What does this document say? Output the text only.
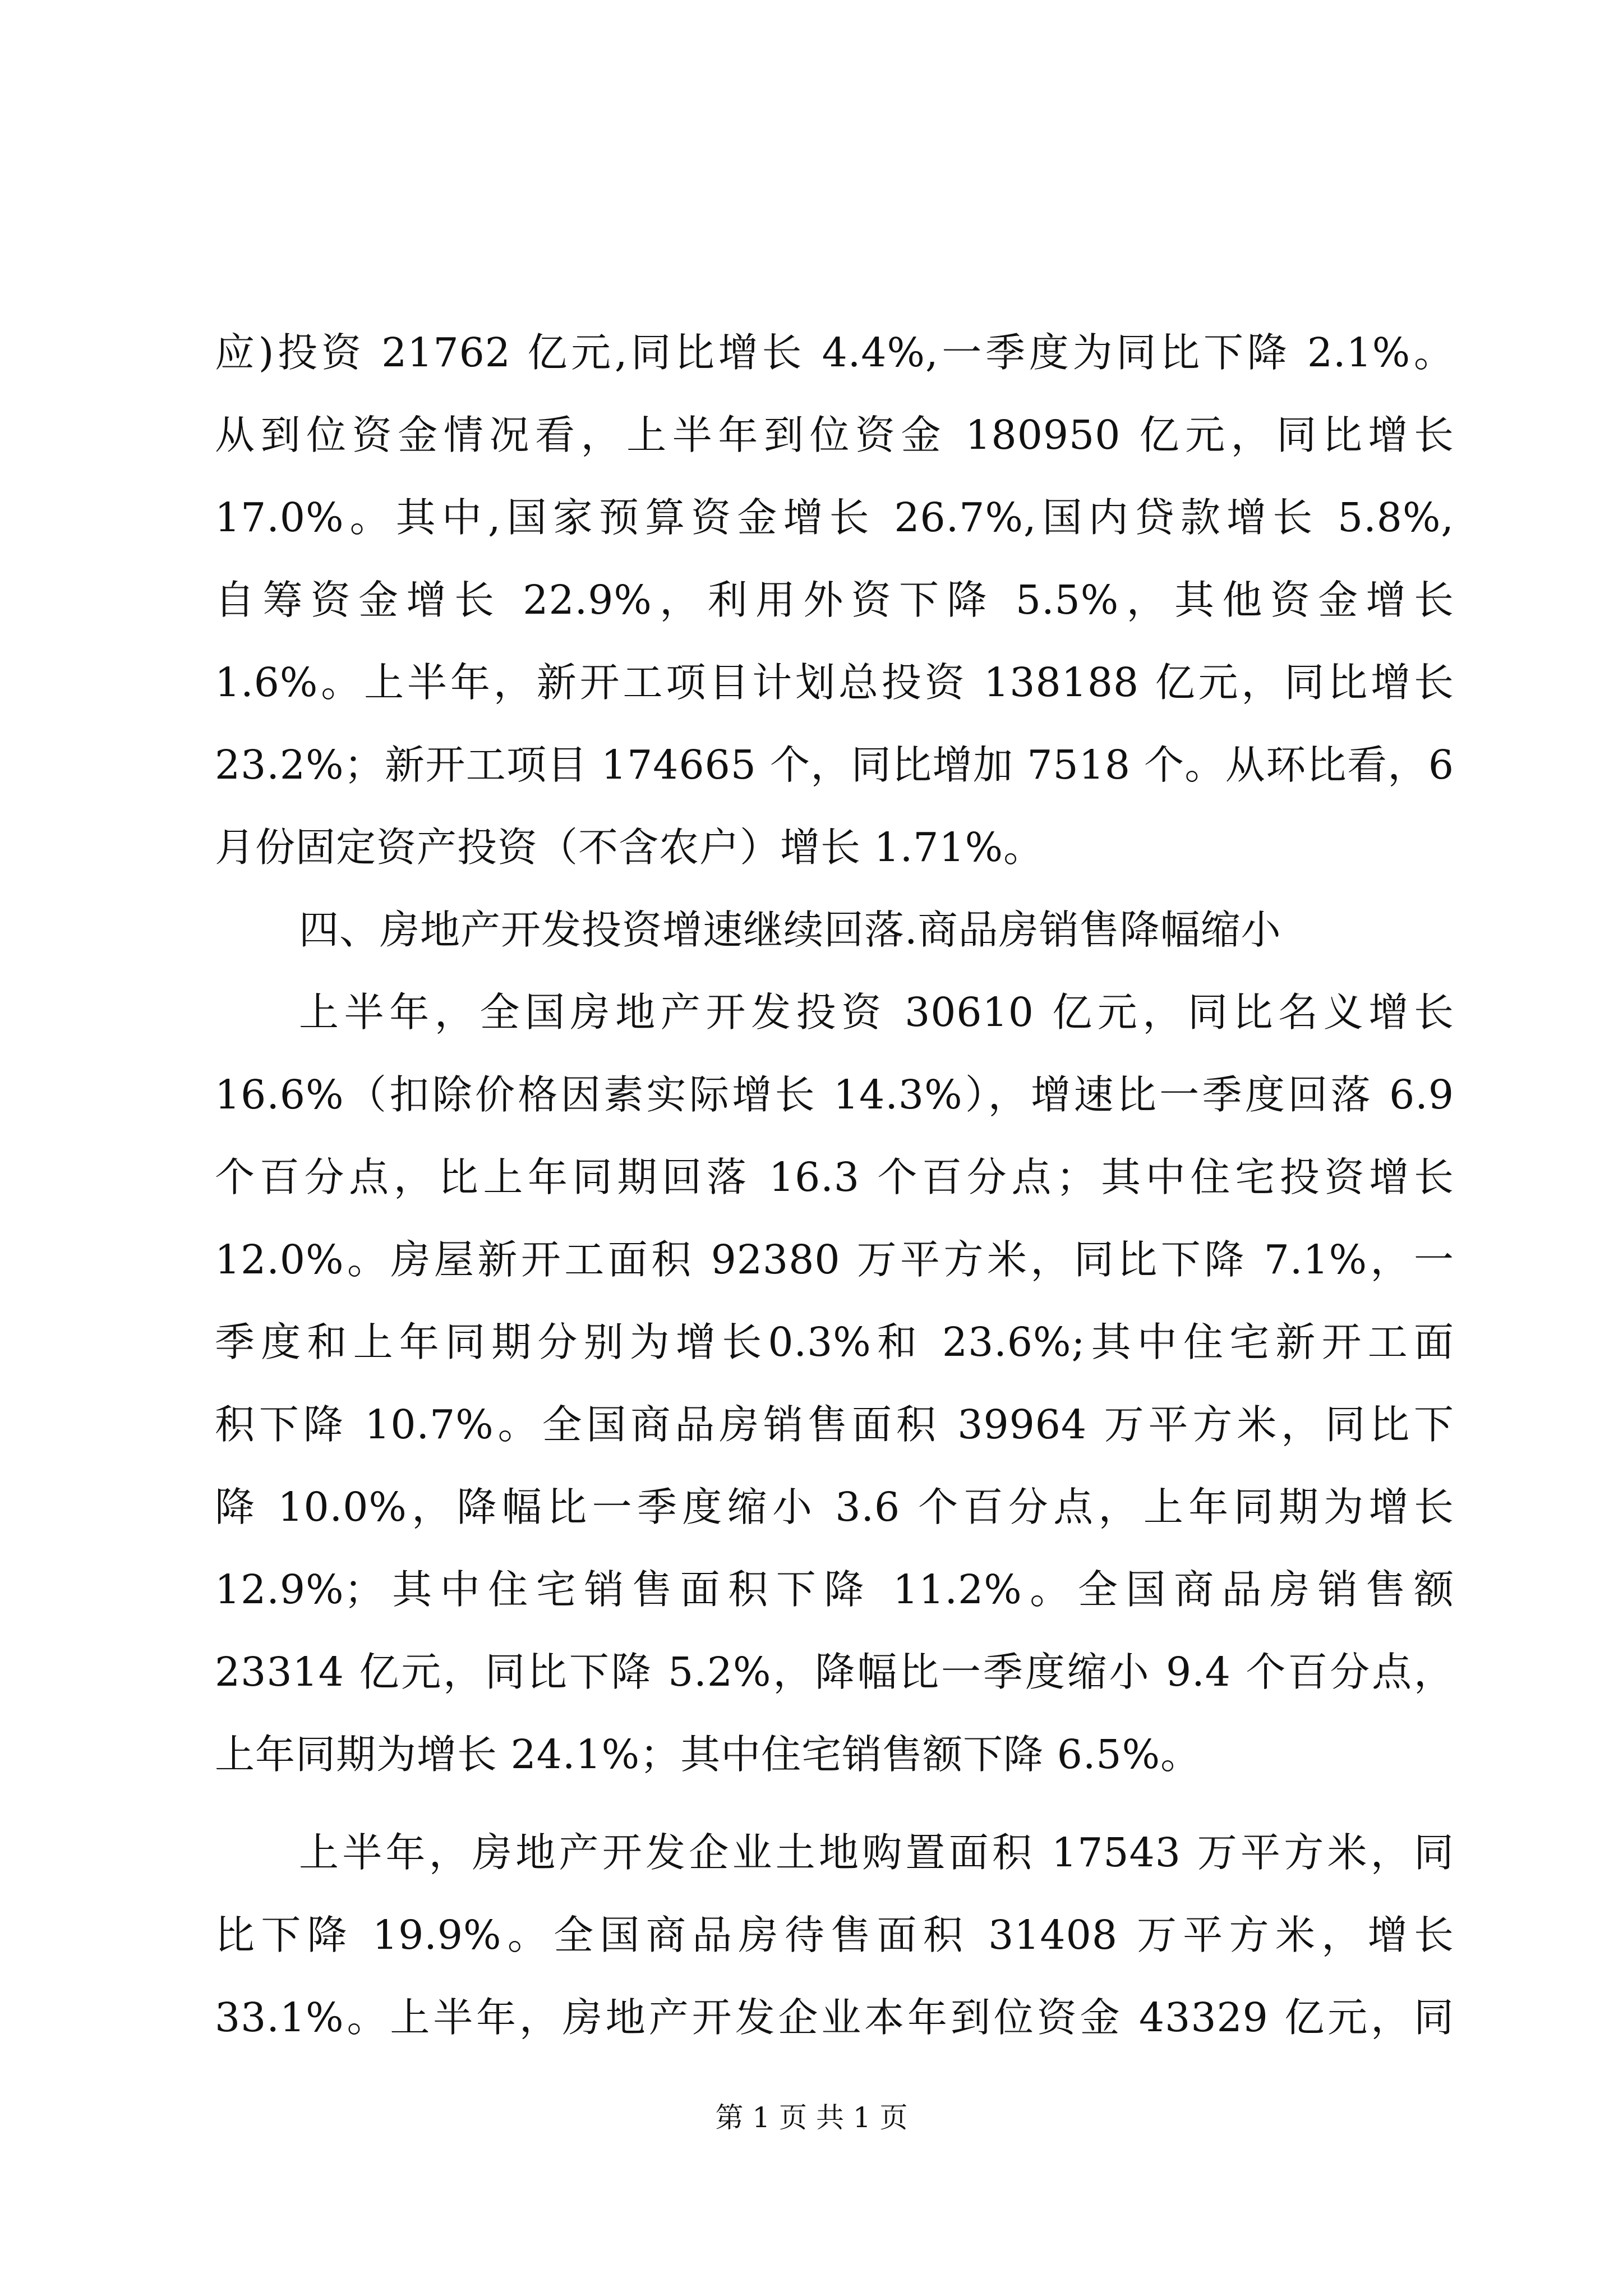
应)投资 21762 亿元,同比增长 4.4%,一季度为同比下降 2.1%。
从到位资金情况看，上半年到位资金 180950 亿元，同比增长
17.0%。其中,国家预算资金增长 26.7%,国内贷款增长 5.8%,
自筹资金增长 22.9%，利用外资下降 5.5%，其他资金增长
1.6%。上半年，新开工项目计划总投资 138188 亿元，同比增长
23.2%；新开工项目 174665 个，同比增加 7518 个。从环比看，6
月份固定资产投资（不含农户）增长 1.71%。
四、房地产开发投资增速继续回落.商品房销售降幅缩小
上半年，全国房地产开发投资 30610 亿元，同比名义增长
16.6%（扣除价格因素实际增长 14.3%），增速比一季度回落 6.9
个百分点，比上年同期回落 16.3 个百分点；其中住宅投资增长
12.0%。房屋新开工面积 92380 万平方米，同比下降 7.1%，一
季度和上年同期分别为增长0.3%和 23.6%;其中住宅新开工面
积下降 10.7%。全国商品房销售面积 39964 万平方米，同比下
降 10.0%，降幅比一季度缩小 3.6 个百分点，上年同期为增长
12.9%；其中住宅销售面积下降 11.2%。全国商品房销售额
23314 亿元，同比下降 5.2%，降幅比一季度缩小 9.4 个百分点，
上年同期为增长 24.1%；其中住宅销售额下降 6.5%。
上半年，房地产开发企业土地购置面积 17543 万平方米，同
比下降 19.9%。全国商品房待售面积 31408 万平方米，增长
33.1%。上半年，房地产开发企业本年到位资金 43329 亿元，同
第 1 页 共 1 页
